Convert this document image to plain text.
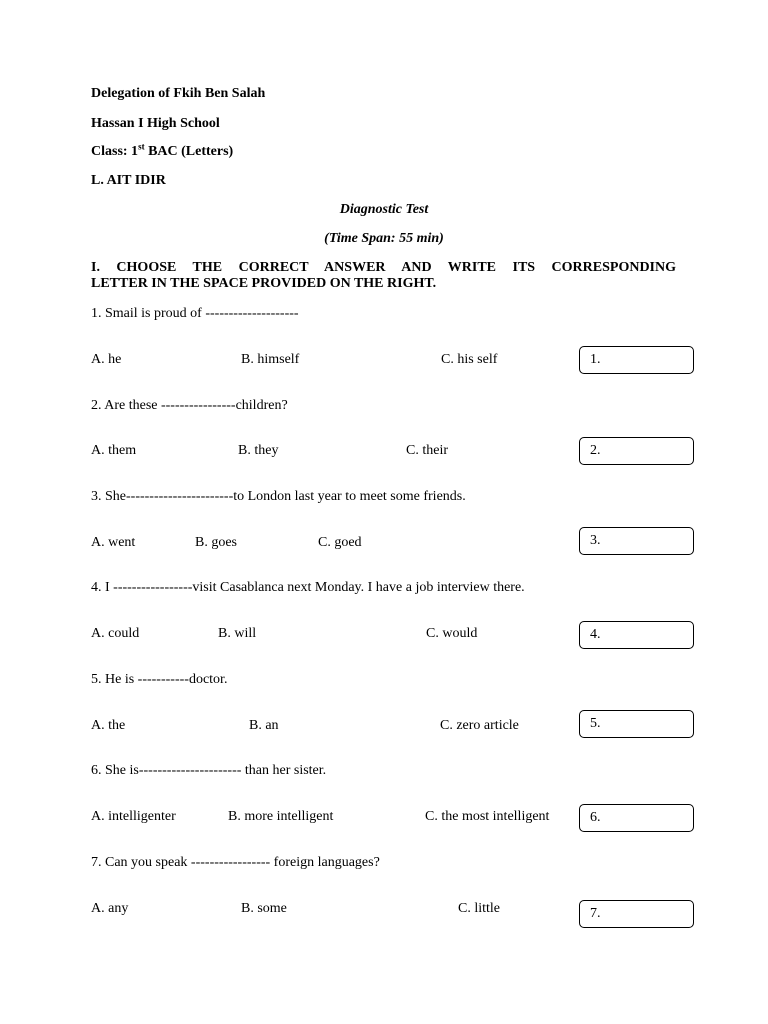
Delegation of Fkih Ben Salah
Hassan I High School
Class: 1st BAC (Letters)
L. AIT IDIR
Diagnostic Test
(Time Span: 55 min)
I. CHOOSE THE CORRECT ANSWER AND WRITE ITS CORRESPONDING
LETTER IN THE SPACE PROVIDED ON THE RIGHT.
1. Smail is proud of --------------------
A. he	B. himself	C. his self	1.
2. Are these ----------------children?
A. them	B. they	C. their	2.
3. She-----------------------to London last year to meet some friends.
A. went	B. goes	C. goed	3.
4. I -----------------visit Casablanca next Monday. I have a job interview there.
A. could	B. will	C. would	4.
5. He is -----------doctor.
A. the	B. an	C. zero article	5.
6. She is---------------------- than her sister.
A. intelligenter	B. more intelligent	C. the most intelligent	6.
7. Can you speak ----------------- foreign languages?
A. any	B. some	C. little	7.
